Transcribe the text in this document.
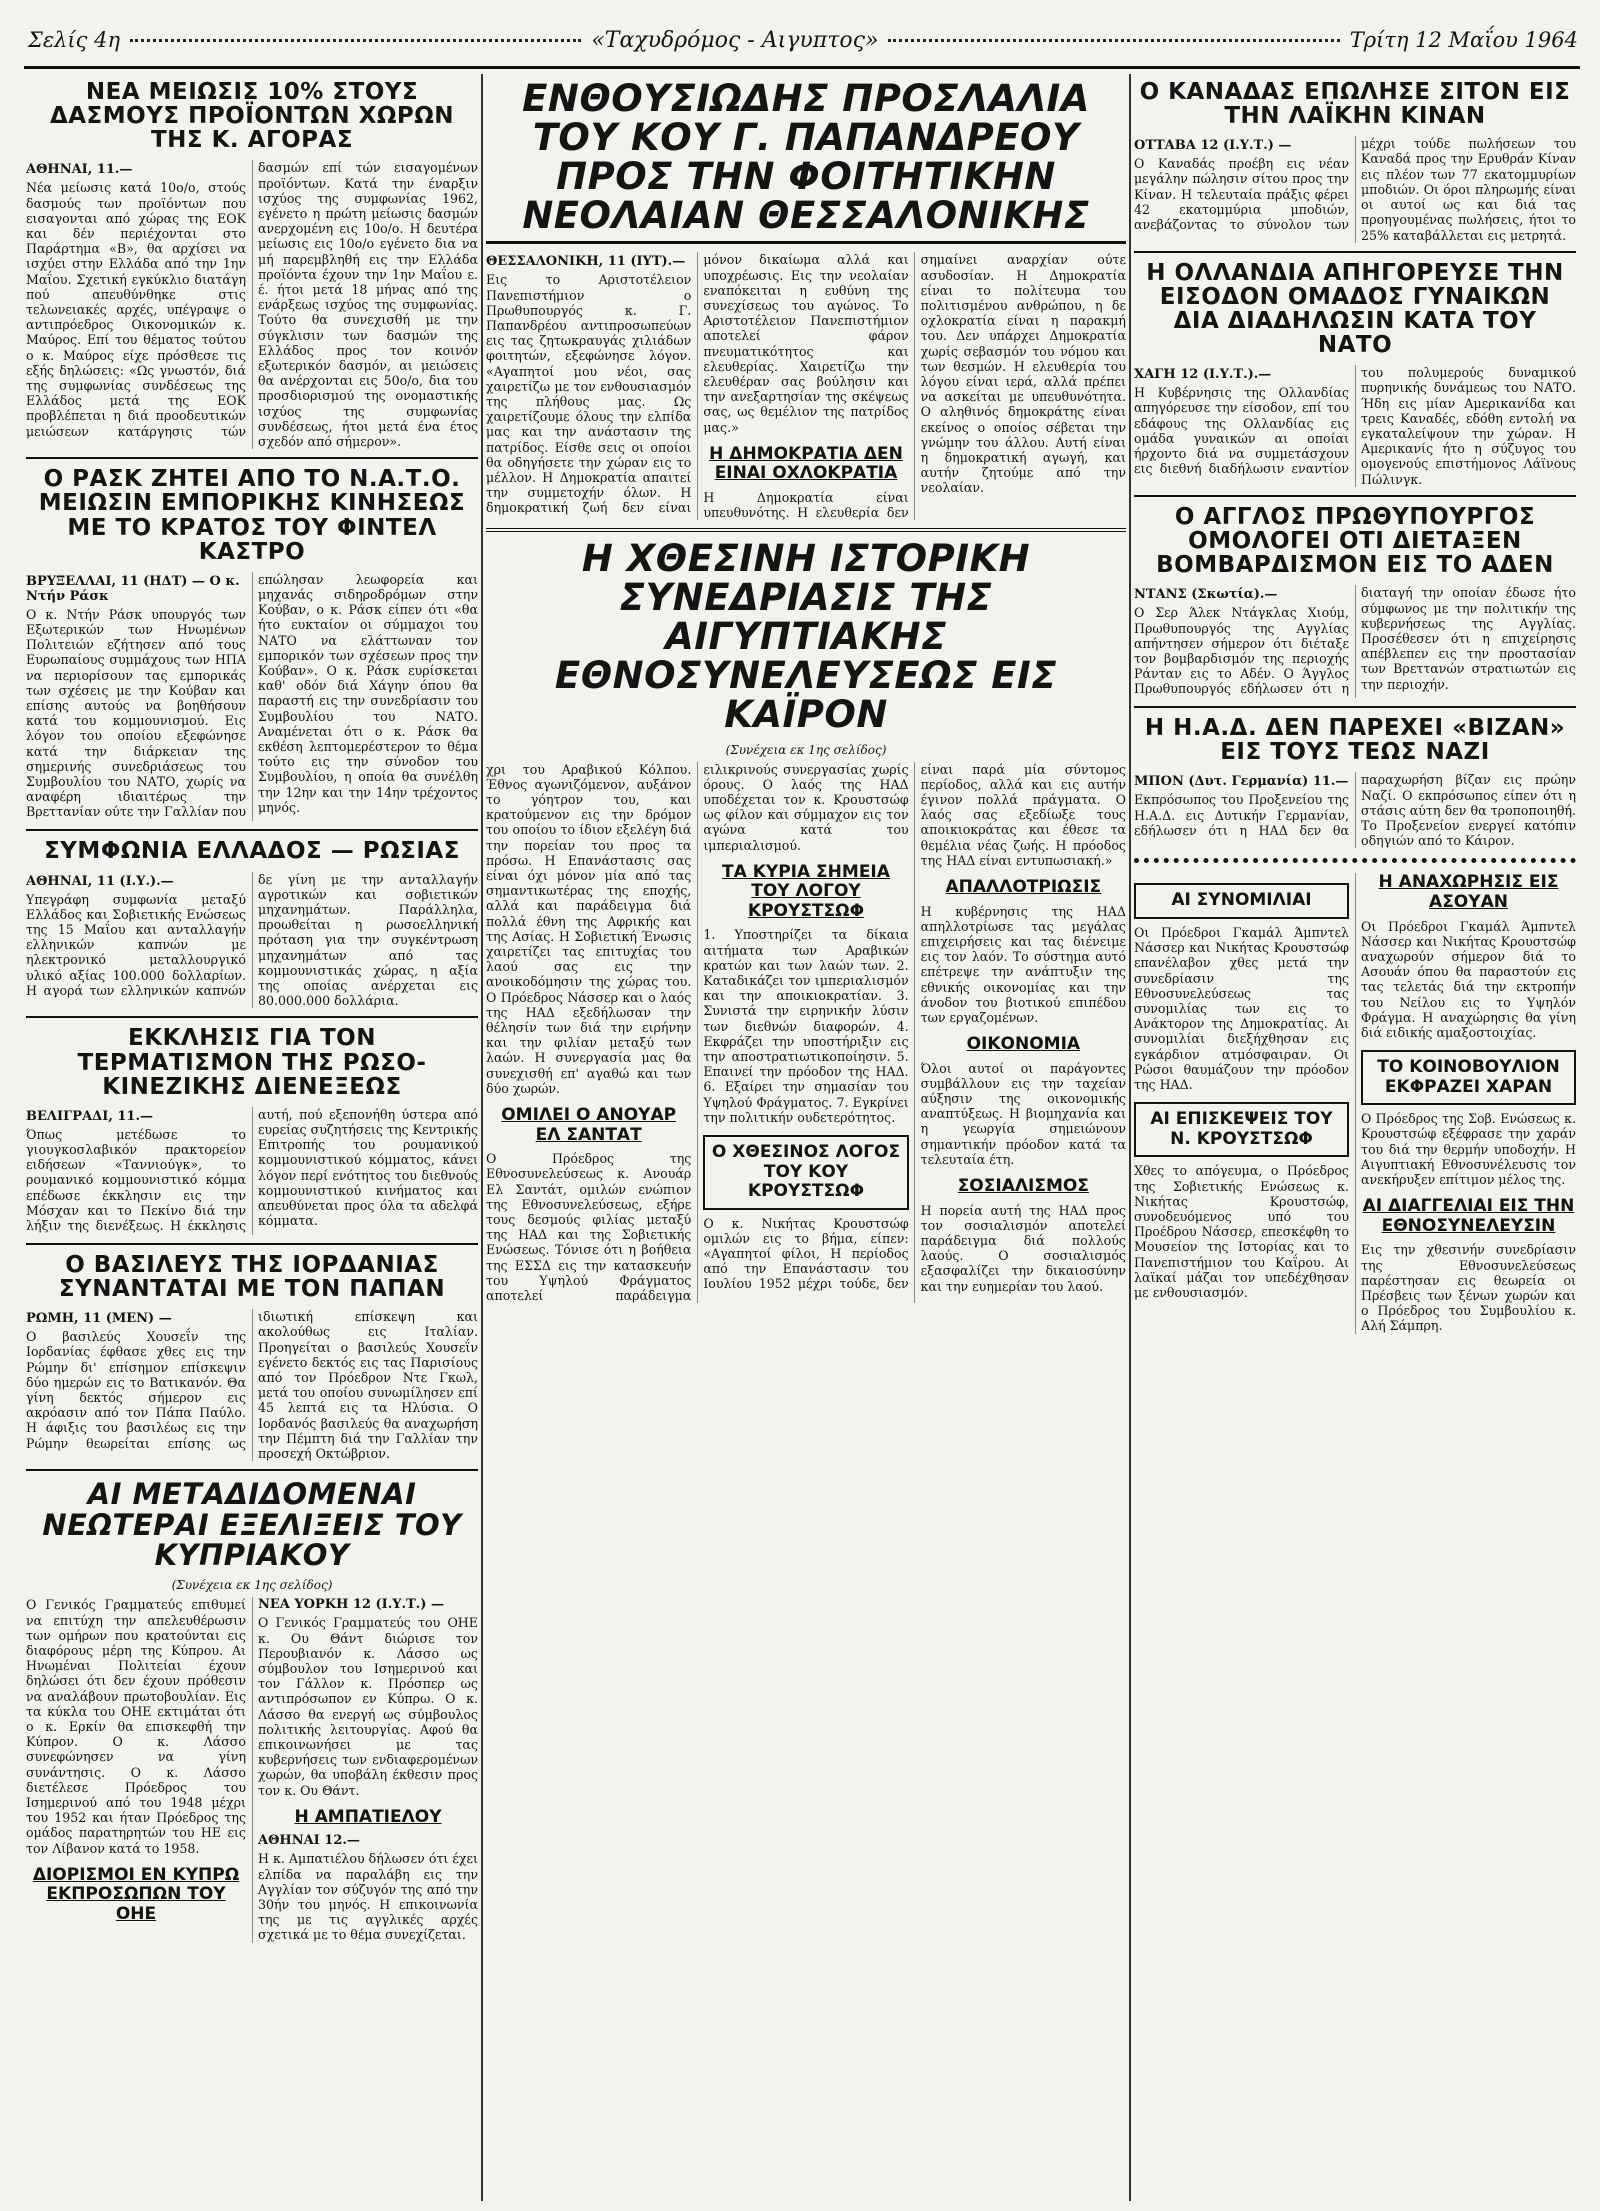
Σελίς 4η	«Ταχυδρόμος - Αιγυπτος»	Τρίτη 12 Μαΐου 1964
ΝΕΑ ΜΕΙΩΣΙΣ 10% ΣΤΟΥΣ ΔΑΣΜΟΥΣ ΠΡΟΪΟΝΤΩΝ ΧΩΡΩΝ ΤΗΣ Κ. ΑΓΟΡΑΣ
ΑΘΗΝΑΙ, 11.—

Νέα μείωσις κατά 10ο/ο, στούς δασμούς των προϊόντων που εισαγονται από χώρας της ΕΟΚ και δέν περιέχονται στο Παράρτημα «Β», θα αρχίσει να ισχύει στην Ελλάδα από την 1ην Μαΐου. Σχετική εγκύκλιο διατάγη πού απευθύνθηκε στις τελωνειακές αρχές, υπέγραψε ο αντιπρόεδρος Οικονομικών κ. Μαύρος. Επί του θέματος τούτου ο κ. Μαύρος είχε πρόσθεσε τις εξής δηλώσεις: «Ως γνωστόν, διά της συμφωνίας συνδέσεως της Ελλάδος μετά της ΕΟΚ προβλέπεται η διά προοδευτικών μειώσεων κατάργησις τών δασμών επί τών εισαγομένων προϊόντων. Κατά την έναρξιν ισχύος της συμφωνίας 1962, εγένετο η πρώτη μείωσις δασμών ανερχομένη εις 10ο/ο. Η δευτέρα μείωσις εις 10ο/ο εγένετο δια να μή παρεμβληθή εις την Ελλάδα προϊόντα έχουν την 1ην Μαΐου ε. έ. ήτοι μετά 18 μήνας από της ενάρξεως ισχύος της συμφωνίας. Τούτο θα συνεχισθή με την σύγκλισιν των δασμών της Ελλάδος προς τον κοινόν εξωτερικόν δασμόν, αι μειώσεις θα ανέρχονται εις 50ο/ο, δια του προσδιορισμού της ονομαστικής ισχύος της συμφωνίας συνδέσεως, ήτοι μετά ένα έτος σχεδόν από σήμερον».

Ο ΡΑΣΚ ΖΗΤΕΙ ΑΠΟ ΤΟ Ν.Α.Τ.Ο. ΜΕΙΩΣΙΝ ΕΜΠΟΡΙΚΗΣ ΚΙΝΗΣΕΩΣ ΜΕ ΤΟ ΚΡΑΤΟΣ ΤΟΥ ΦΙΝΤΕΛ ΚΑΣΤΡΟ
ΒΡΥΞΕΛΛΑΙ, 11 (ΗΔΤ) — Ο κ. Ντήν Ράσκ

Ο κ. Ντήν Ράσκ υπουργός των Εξωτερικών των Ηνωμένων Πολιτειών εζήτησεν από τους Ευρωπαίους συμμάχους των ΗΠΑ να περιορίσουν τας εμπορικάς των σχέσεις με την Κούβαν και επίσης αυτούς να βοηθήσουν κατά του κομμουνισμού. Εις λόγον του οποίου εξεφώνησε κατά την διάρκειαν της σημερινής συνεδριάσεως του Συμβουλίου του ΝΑΤΟ, χωρίς να αναφέρη ιδιαιτέρως την Βρεττανίαν ούτε την Γαλλίαν που επώλησαν λεωφορεία και μηχανάς σιδηροδρόμων στην Κούβαν, ο κ. Ράσκ είπεν ότι «θα ήτο ευκταίον οι σύμμαχοι του ΝΑΤΟ να ελάττωναν τον εμπορικόν των σχέσεων προς την Κούβαν». Ο κ. Ράσκ ευρίσκεται καθ' οδόν διά Χάγην όπου θα παραστή εις την συνεδρίασιν του Συμβουλίου του ΝΑΤΟ. Αναμένεται ότι ο κ. Ράσκ θα εκθέση λεπτομερέστερον το θέμα τούτο εις την σύνοδον του Συμβουλίου, η οποία θα συνέλθη την 12ην και την 14ην τρέχοντος μηνός.

ΣΥΜΦΩΝΙΑ ΕΛΛΑΔΟΣ — ΡΩΣΙΑΣ
ΑΘΗΝΑΙ, 11 (Ι.Υ.).—

Υπεγράφη συμφωνία μεταξύ Ελλάδος και Σοβιετικής Ενώσεως της 15 Μαΐου και ανταλλαγήν ελληνικών καπνών με ηλεκτρονικό μεταλλουργικό υλικό αξίας 100.000 δολλαρίων. Η αγορά των ελληνικών καπνών δε γίνη με την ανταλλαγήν αγροτικών και σοβιετικών μηχανημάτων. Παράλληλα, προωθείται η ρωσοελληνική πρόταση για την συγκέντρωση μηχανημάτων από τας κομμουνιστικάς χώρας, η αξία της οποίας ανέρχεται εις 80.000.000 δολλάρια.

ΕΚΚΛΗΣΙΣ ΓΙΑ ΤΟΝ ΤΕΡΜΑΤΙΣΜΟΝ ΤΗΣ ΡΩΣΟ-ΚΙΝΕΖΙΚΗΣ ΔΙΕΝΕΞΕΩΣ
ΒΕΛΙΓΡΑΔΙ, 11.—

Όπως μετέδωσε το γιουγκοσλαβικόν πρακτορείον ειδήσεων «Ταννιούγκ», το ρουμανικό κομμουνιστικό κόμμα επέδωσε έκκλησιν εις την Μόσχαν και το Πεκίνο διά την λήξιν της διενέξεως. Η έκκλησις αυτή, πού εξεπονήθη ύστερα από ευρείας συζητήσεις της Κεντρικής Επιτροπής του ρουμανικού κομμουνιστικού κόμματος, κάνει λόγον περί ενότητος του διεθνούς κομμουνιστικού κινήματος και απευθύνεται προς όλα τα αδελφά κόμματα.

Ο ΒΑΣΙΛΕΥΣ ΤΗΣ ΙΟΡΔΑΝΙΑΣ ΣΥΝΑΝΤΑΤΑΙ ΜΕ ΤΟΝ ΠΑΠΑΝ
ΡΩΜΗ, 11 (ΜΕΝ) —

Ο βασιλεύς Χουσεΐν της Ιορδανίας έφθασε χθες εις την Ρώμην δι' επίσημον επίσκεψιν δύο ημερών εις το Βατικανόν. Θα γίνη δεκτός σήμερον εις ακρόασιν από τον Πάπα Παύλο. Η άφιξις του βασιλέως εις την Ρώμην θεωρείται επίσης ως ιδιωτική επίσκεψη και ακολούθως εις Ιταλίαν. Προηγείται ο βασιλεύς Χουσεΐν εγένετο δεκτός εις τας Παρισίους από τον Πρόεδρον Ντε Γκωλ, μετά του οποίου συνωμίλησεν επί 45 λεπτά εις τα Ηλύσια. Ο Ιορδανός βασιλεύς θα αναχωρήση την Πέμπτη διά την Γαλλίαν την προσεχή Οκτώβριον.

ΑΙ ΜΕΤΑΔΙΔΟΜΕΝΑΙ ΝΕΩΤΕΡΑΙ ΕΞΕΛΙΞΕΙΣ ΤΟΥ ΚΥΠΡΙΑΚΟΥ
(Συνέχεια εκ 1ης σελίδος)

Ο Γενικός Γραμματεύς επιθυμεί να επιτύχη την απελευθέρωσιν των ομήρων που κρατούνται εις διαφόρους μέρη της Κύπρου. Αι Ηνωμέναι Πολιτείαι έχουν δηλώσει ότι δεν έχουν πρόθεσιν να αναλάβουν πρωτοβουλίαν. Εις τα κύκλα του ΟΗΕ εκτιμάται ότι ο κ. Ερκίν θα επισκεφθή την Κύπρον. Ο κ. Λάσσο συνεφώνησεν να γίνη συνάντησις. Ο κ. Λάσσο διετέλεσε Πρόεδρος του Ισημερινού από του 1948 μέχρι του 1952 και ήταν Πρόεδρος της ομάδος παρατηρητών του ΗΕ εις τον Λίβανον κατά το 1958.

ΔΙΟΡΙΣΜΟΙ ΕΝ ΚΥΠΡΩ ΕΚΠΡΟΣΩΠΩΝ ΤΟΥ ΟΗΕ
ΝΕΑ ΥΟΡΚΗ 12 (Ι.Υ.Τ.) —

Ο Γενικός Γραμματεύς του ΟΗΕ κ. Ου Θάντ διώρισε τον Περουβιανόν κ. Λάσσο ως σύμβουλον του Ισημερινού και τον Γάλλον κ. Πρόσπερ ως αντιπρόσωπον εν Κύπρω. Ο κ. Λάσσο θα ενεργή ως σύμβουλος πολιτικής λειτουργίας. Αφού θα επικοινωνήσει με τας κυβερνήσεις των ενδιαφερομένων χωρών, θα υποβάλη έκθεσιν προς τον κ. Ου Θάντ.

Η ΑΜΠΑΤΙΕΛΟΥ
ΑΘΗΝΑΙ 12.—

Η κ. Αμπατιέλου δήλωσεν ότι έχει ελπίδα να παραλάβη εις την Αγγλίαν τον σύζυγόν της από την 30ήν του μηνός. Η επικοινωνία της με τις αγγλικές αρχές σχετικά με το θέμα συνεχίζεται.

ΕΝΘΟΥΣΙΩΔΗΣ ΠΡΟΣΛΑΛΙΑ ΤΟΥ ΚΟΥ Γ. ΠΑΠΑΝΔΡΕΟΥ ΠΡΟΣ ΤΗΝ ΦΟΙΤΗΤΙΚΗΝ ΝΕΟΛΑΙΑΝ ΘΕΣΣΑΛΟΝΙΚΗΣ
ΘΕΣΣΑΛΟΝΙΚΗ, 11 (ΙΥΤ).—

Εις το Αριστοτέλειον Πανεπιστήμιον ο Πρωθυπουργός κ. Γ. Παπανδρέου αντιπροσωπεύων εις τας ζητωκραυγάς χιλιάδων φοιτητών, εξεφώνησε λόγον. «Αγαπητοί μου νέοι, σας χαιρετίζω με τον ενθουσιασμόν της πλήθους μας. Ως χαιρετίζουμε όλους την ελπίδα μας και την ανάστασιν της πατρίδος. Είσθε σεις οι οποίοι θα οδηγήσετε την χώραν εις το μέλλον. Η Δημοκρατία απαιτεί την συμμετοχήν όλων. Η δημοκρατική ζωή δεν είναι μόνον δικαίωμα αλλά και υποχρέωσις. Εις την νεολαίαν εναπόκειται η ευθύνη της συνεχίσεως του αγώνος. Το Αριστοτέλειον Πανεπιστήμιον αποτελεί φάρον πνευματικότητος και ελευθερίας. Χαιρετίζω την ελευθέραν σας βούλησιν και την ανεξαρτησίαν της σκέψεως σας, ως θεμέλιον της πατρίδος μας.»

Η ΔΗΜΟΚΡΑΤΙΑ ΔΕΝ ΕΙΝΑΙ ΟΧΛΟΚΡΑΤΙΑ

Η Δημοκρατία είναι υπευθυνότης. Η ελευθερία δεν σημαίνει αναρχίαν ούτε ασυδοσίαν. Η Δημοκρατία είναι το πολίτευμα του πολιτισμένου ανθρώπου, η δε οχλοκρατία είναι η παρακμή του. Δεν υπάρχει Δημοκρατία χωρίς σεβασμόν του νόμου και των θεσμών. Η ελευθερία του λόγου είναι ιερά, αλλά πρέπει να ασκείται με υπευθυνότητα. Ο αληθινός δημοκράτης είναι εκείνος ο οποίος σέβεται την γνώμην του άλλου. Αυτή είναι η δημοκρατική αγωγή, και αυτήν ζητούμε από την νεολαίαν.

Η ΧΘΕΣΙΝΗ ΙΣΤΟΡΙΚΗ ΣΥΝΕΔΡΙΑΣΙΣ ΤΗΣ ΑΙΓΥΠΤΙΑΚΗΣ ΕΘΝΟΣΥΝΕΛΕΥΣΕΩΣ ΕΙΣ ΚΑΪΡΟΝ
(Συνέχεια εκ 1ης σελίδος)

χρι του Αραβικού Κόλπου. Έθνος αγωνιζόμενον, αυξάνον το γόητρον του, και κρατούμενον εις την δρόμον του οποίου το ίδιον εξελέγη διά την πορείαν του προς τα πρόσω. Η Επανάστασις σας είναι όχι μόνον μία από τας σημαντικωτέρας της εποχής, αλλά και παράδειγμα διά πολλά έθνη της Αφρικής και της Ασίας. Η Σοβιετική Ένωσις χαιρετίζει τας επιτυχίας του λαού σας εις την ανοικοδόμησιν της χώρας του. Ο Πρόεδρος Νάσσερ και ο λαός της ΗΑΔ εξεδήλωσαν την θέλησίν των διά την ειρήνην και την φιλίαν μεταξύ των λαών. Η συνεργασία μας θα συνεχισθή επ' αγαθώ και των δύο χωρών.

ΟΜΙΛΕΙ Ο ΑΝΟΥΑΡ ΕΛ ΣΑΝΤΑΤ

Ο Πρόεδρος της Εθνοσυνελεύσεως κ. Ανουάρ Ελ Σαντάτ, ομιλών ενώπιον της Εθνοσυνελεύσεως, εξήρε τους δεσμούς φιλίας μεταξύ της ΗΑΔ και της Σοβιετικής Ενώσεως. Τόνισε ότι η βοήθεια της ΕΣΣΔ εις την κατασκευήν του Υψηλού Φράγματος αποτελεί παράδειγμα ειλικρινούς συνεργασίας χωρίς όρους. Ο λαός της ΗΑΔ υποδέχεται τον κ. Κρουστσώφ ως φίλον και σύμμαχον εις τον αγώνα κατά του ιμπεριαλισμού.

ΤΑ ΚΥΡΙΑ ΣΗΜΕΙΑ ΤΟΥ ΛΟΓΟΥ ΚΡΟΥΣΤΣΩΦ

1. Υποστηρίζει τα δίκαια αιτήματα των Αραβικών κρατών και των λαών των. 2. Καταδικάζει τον ιμπεριαλισμόν και την αποικιοκρατίαν. 3. Συνιστά την ειρηνικήν λύσιν των διεθνών διαφορών. 4. Εκφράζει την υποστήριξιν εις την αποστρατιωτικοποίησιν. 5. Επαινεί την πρόοδον της ΗΑΔ. 6. Εξαίρει την σημασίαν του Υψηλού Φράγματος. 7. Εγκρίνει την πολιτικήν ουδετερότητος.

Ο ΧΘΕΣΙΝΟΣ ΛΟΓΟΣ ΤΟΥ ΚΟΥ ΚΡΟΥΣΤΣΩΦ

Ο κ. Νικήτας Κρουστσώφ ομιλών εις το βήμα, είπεν: «Αγαπητοί φίλοι, Η περίοδος από την Επανάστασιν του Ιουλίου 1952 μέχρι τούδε, δεν είναι παρά μία σύντομος περίοδος, αλλά και εις αυτήν έγινον πολλά πράγματα. Ο λαός σας εξεδίωξε τους αποικιοκράτας και έθεσε τα θεμέλια νέας ζωής. Η πρόοδος της ΗΑΔ είναι εντυπωσιακή.»

ΑΠΑΛΛΟΤΡΙΩΣΙΣ

Η κυβέρνησις της ΗΑΔ απηλλοτρίωσε τας μεγάλας επιχειρήσεις και τας διένειμε εις τον λαόν. Το σύστημα αυτό επέτρεψε την ανάπτυξιν της εθνικής οικονομίας και την άνοδον του βιοτικού επιπέδου των εργαζομένων.

ΟΙΚΟΝΟΜΙΑ

Όλοι αυτοί οι παράγοντες συμβάλλουν εις την ταχείαν αύξησιν της οικονομικής αναπτύξεως. Η βιομηχανία και η γεωργία σημειώνουν σημαντικήν πρόοδον κατά τα τελευταία έτη.

ΣΟΣΙΑΛΙΣΜΟΣ

Η πορεία αυτή της ΗΑΔ προς τον σοσιαλισμόν αποτελεί παράδειγμα διά πολλούς λαούς. Ο σοσιαλισμός εξασφαλίζει την δικαιοσύνην και την ευημερίαν του λαού.

Ο ΚΑΝΑΔΑΣ ΕΠΩΛΗΣΕ ΣΙΤΟΝ ΕΙΣ ΤΗΝ ΛΑΪΚΗΝ ΚΙΝΑΝ
ΟΤΤΑΒΑ 12 (Ι.Υ.Τ.) —

Ο Καναδάς προέβη εις νέαν μεγάλην πώλησιν σίτου προς την Κίναν. Η τελευταία πράξις φέρει 42 εκατομμύρια μποδιών, ανεβάζοντας το σύνολον των μέχρι τούδε πωλήσεων του Καναδά προς την Ερυθράν Κίναν εις πλέον των 77 εκατομμυρίων μποδιών. Οι όροι πληρωμής είναι οι αυτοί ως και διά τας προηγουμένας πωλήσεις, ήτοι το 25% καταβάλλεται εις μετρητά.

Η ΟΛΛΑΝΔΙΑ ΑΠΗΓΟΡΕΥΣΕ ΤΗΝ ΕΙΣΟΔΟΝ ΟΜΑΔΟΣ ΓΥΝΑΙΚΩΝ ΔΙΑ ΔΙΑΔΗΛΩΣΙΝ ΚΑΤΑ ΤΟΥ ΝΑΤΟ
ΧΑΓΗ 12 (Ι.Υ.Τ.).—

Η Κυβέρνησις της Ολλανδίας απηγόρευσε την είσοδον, επί του εδάφους της Ολλανδίας εις ομάδα γυναικών αι οποίαι ήρχοντο διά να συμμετάσχουν εις διεθνή διαδήλωσιν εναντίον του πολυμερούς δυναμικού πυρηνικής δυνάμεως του ΝΑΤΟ. Ήδη εις μίαν Αμερικανίδα και τρεις Καναδές, εδόθη εντολή να εγκαταλείψουν την χώραν. Η Αμερικανίς ήτο η σύζυγος του ομογενούς επιστήμονος Λάϊνους Πώλινγκ.

Ο ΑΓΓΛΟΣ ΠΡΩΘΥΠΟΥΡΓΟΣ ΟΜΟΛΟΓΕΙ ΟΤΙ ΔΙΕΤΑΞΕΝ ΒΟΜΒΑΡΔΙΣΜΟΝ ΕΙΣ ΤΟ ΑΔΕΝ
ΝΤΑΝΣ (Σκωτία).—

Ο Σερ Άλεκ Ντάγκλας Χιούμ, Πρωθυπουργός της Αγγλίας απήντησεν σήμερον ότι διέταξε τον βομβαρδισμόν της περιοχής Ράνταν εις το Αδέν. Ο Άγγλος Πρωθυπουργός εδήλωσεν ότι η διαταγή την οποίαν έδωσε ήτο σύμφωνος με την πολιτικήν της κυβερνήσεως της Αγγλίας. Προσέθεσεν ότι η επιχείρησις απέβλεπεν εις την προστασίαν των Βρεττανών στρατιωτών εις την περιοχήν.

Η Η.Α.Δ. ΔΕΝ ΠΑΡΕΧΕΙ «ΒΙΖΑΝ» ΕΙΣ ΤΟΥΣ ΤΕΩΣ ΝΑΖΙ
ΜΠΟΝ (Δυτ. Γερμανία) 11.—

Εκπρόσωπος του Προξενείου της Η.Α.Δ. εις Δυτικήν Γερμανίαν, εδήλωσεν ότι η ΗΑΔ δεν θα παραχωρήση βίζαν εις πρώην Ναζί. Ο εκπρόσωπος είπεν ότι η στάσις αύτη δεν θα τροποποιηθή. Το Προξενείον ενεργεί κατόπιν οδηγιών από το Κάιρον.

ΑΙ ΣΥΝΟΜΙΛΙΑΙ

Οι Πρόεδροι Γκαμάλ Άμπντελ Νάσσερ και Νικήτας Κρουστσώφ επανέλαβον χθες μετά την συνεδρίασιν της Εθνοσυνελεύσεως τας συνομιλίας των εις το Ανάκτορον της Δημοκρατίας. Αι συνομιλίαι διεξήχθησαν εις εγκάρδιον ατμόσφαιραν. Οι Ρώσοι θαυμάζουν την πρόοδον της ΗΑΔ.

ΑΙ ΕΠΙΣΚΕΨΕΙΣ ΤΟΥ Ν. ΚΡΟΥΣΤΣΩΦ

Χθες το απόγευμα, ο Πρόεδρος της Σοβιετικής Ενώσεως κ. Νικήτας Κρουστσώφ, συνοδευόμενος υπό του Προέδρου Νάσσερ, επεσκέφθη το Μουσείον της Ιστορίας και το Πανεπιστήμιον του Καΐρου. Αι λαϊκαί μάζαι τον υπεδέχθησαν με ενθουσιασμόν.

Η ΑΝΑΧΩΡΗΣΙΣ ΕΙΣ ΑΣΟΥΑΝ

Οι Πρόεδροι Γκαμάλ Άμπντελ Νάσσερ και Νικήτας Κρουστσώφ αναχωρούν σήμερον διά το Ασουάν όπου θα παραστούν εις τας τελετάς διά την εκτροπήν του Νείλου εις το Υψηλόν Φράγμα. Η αναχώρησις θα γίνη διά ειδικής αμαξοστοιχίας.

ΤΟ ΚΟΙΝΟΒΟΥΛΙΟΝ ΕΚΦΡΑΖΕΙ ΧΑΡΑΝ

Ο Πρόεδρος της Σοβ. Ενώσεως κ. Κρουστσώφ εξέφρασε την χαράν του διά την θερμήν υποδοχήν. Η Αιγυπτιακή Εθνοσυνέλευσις τον ανεκήρυξεν επίτιμον μέλος της.

ΑΙ ΔΙΑΓΓΕΛΙΑΙ ΕΙΣ ΤΗΝ ΕΘΝΟΣΥΝΕΛΕΥΣΙΝ

Εις την χθεσινήν συνεδρίασιν της Εθνοσυνελεύσεως παρέστησαν εις θεωρεία οι Πρέσβεις των ξένων χωρών και ο Πρόεδρος του Συμβουλίου κ. Αλή Σάμπρη.
